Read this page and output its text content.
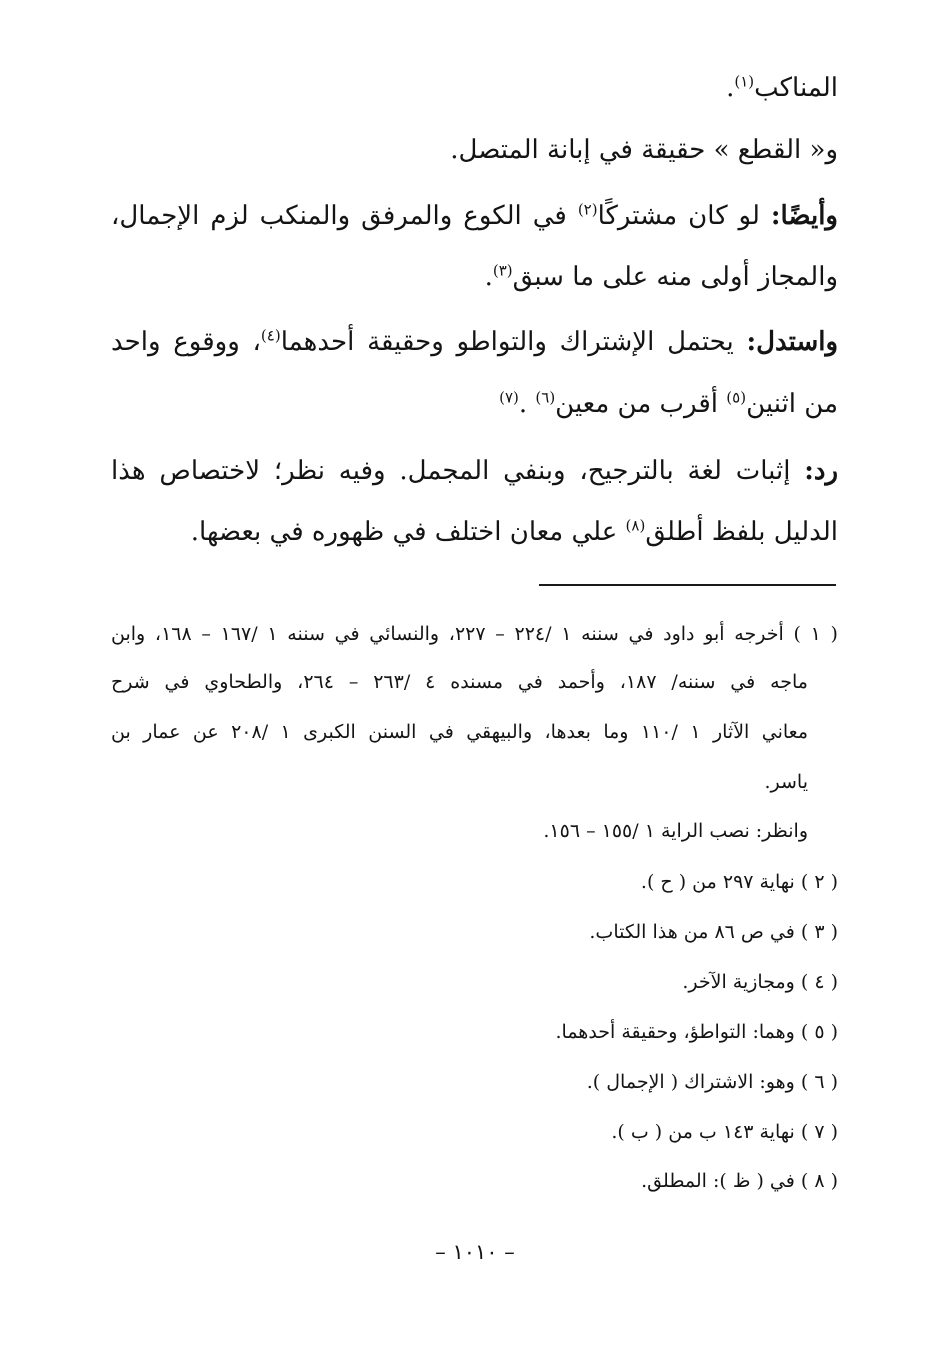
المناكب$^{(١)}$.
و« القطع » حقيقة في إبانة المتصل.
وأيضًا: لو كان مشتركًا$^{(٢)}$ في الكوع والمرفق والمنكب لزم الإجمال،
والمجاز أولى منه على ما سبق$^{(٣)}$.
واستدل: يحتمل الإشتراك والتواطو وحقيقة أحدهما$^{(٤)}$، ووقوع واحد
من اثنين$^{(٥)}$ أقرب من معين$^{(٦)}$ .$^{(٧)}$
رد: إثبات لغة بالترجيح، وبنفي المجمل. وفيه نظر؛ لاختصاص هذا
الدليل بلفظ أطلق$^{(٨)}$ علي معان اختلف في ظهوره في بعضها.
( ١ ) أخرجه أبو داود في سننه ١ /٢٢٤ – ٢٢٧، والنسائي في سننه ١ /١٦٧ – ١٦٨، وابن
ماجه في سننه/ ١٨٧، وأحمد في مسنده ٤ /٢٦٣ – ٢٦٤، والطحاوي في شرح
معاني الآثار ١ /١١٠ وما بعدها، والبيهقي في السنن الكبرى ١ /٢٠٨ عن عمار بن
ياسر.
وانظر: نصب الراية ١ /١٥٥ – ١٥٦.
( ٢ ) نهاية ٢٩٧ من ( ح ).
( ٣ ) في ص ٨٦ من هذا الكتاب.
( ٤ ) ومجازية الآخر.
( ٥ ) وهما: التواطؤ، وحقيقة أحدهما.
( ٦ ) وهو: الاشتراك ( الإجمال ).
( ٧ ) نهاية ١٤٣ ب من ( ب ).
( ٨ ) في ( ظ ): المطلق.
– ١٠١٠ –
